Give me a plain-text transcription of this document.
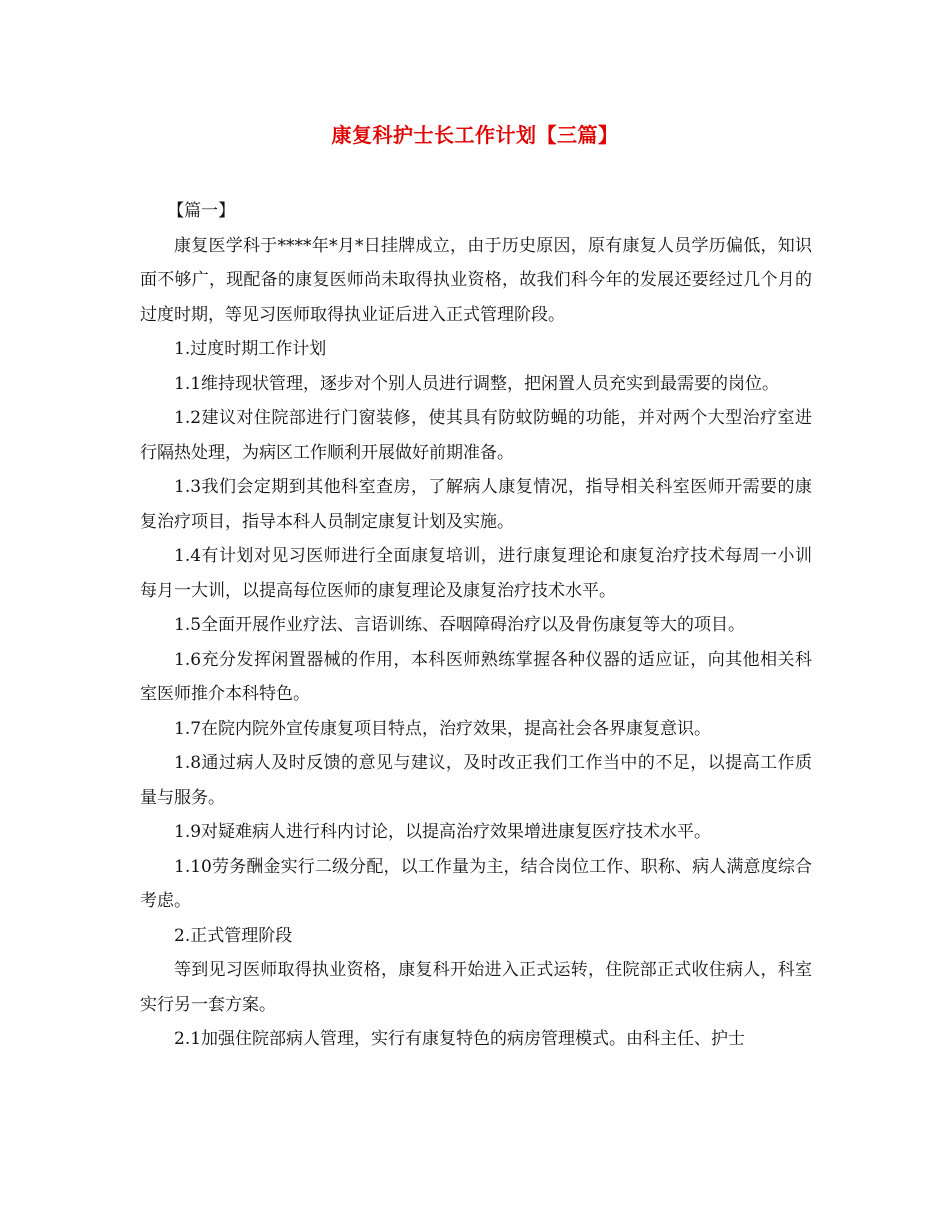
康复科护士长工作计划【三篇】

【篇一】

康复医学科于****年*月*日挂牌成立，由于历史原因，原有康复人员学历偏低，知识面不够广，现配备的康复医师尚未取得执业资格，故我们科今年的发展还要经过几个月的过度时期，等见习医师取得执业证后进入正式管理阶段。

1.过度时期工作计划

1.1维持现状管理，逐步对个别人员进行调整，把闲置人员充实到最需要的岗位。

1.2建议对住院部进行门窗装修，使其具有防蚊防蝇的功能，并对两个大型治疗室进行隔热处理，为病区工作顺利开展做好前期准备。

1.3我们会定期到其他科室查房，了解病人康复情况，指导相关科室医师开需要的康复治疗项目，指导本科人员制定康复计划及实施。

1.4有计划对见习医师进行全面康复培训，进行康复理论和康复治疗技术每周一小训每月一大训，以提高每位医师的康复理论及康复治疗技术水平。

1.5全面开展作业疗法、言语训练、吞咽障碍治疗以及骨伤康复等大的项目。

1.6充分发挥闲置器械的作用，本科医师熟练掌握各种仪器的适应证，向其他相关科室医师推介本科特色。

1.7在院内院外宣传康复项目特点，治疗效果，提高社会各界康复意识。

1.8通过病人及时反馈的意见与建议，及时改正我们工作当中的不足，以提高工作质量与服务。

1.9对疑难病人进行科内讨论，以提高治疗效果增进康复医疗技术水平。

1.10劳务酬金实行二级分配，以工作量为主，结合岗位工作、职称、病人满意度综合考虑。

2.正式管理阶段

等到见习医师取得执业资格，康复科开始进入正式运转，住院部正式收住病人，科室实行另一套方案。

2.1加强住院部病人管理，实行有康复特色的病房管理模式。由科主任、护士
